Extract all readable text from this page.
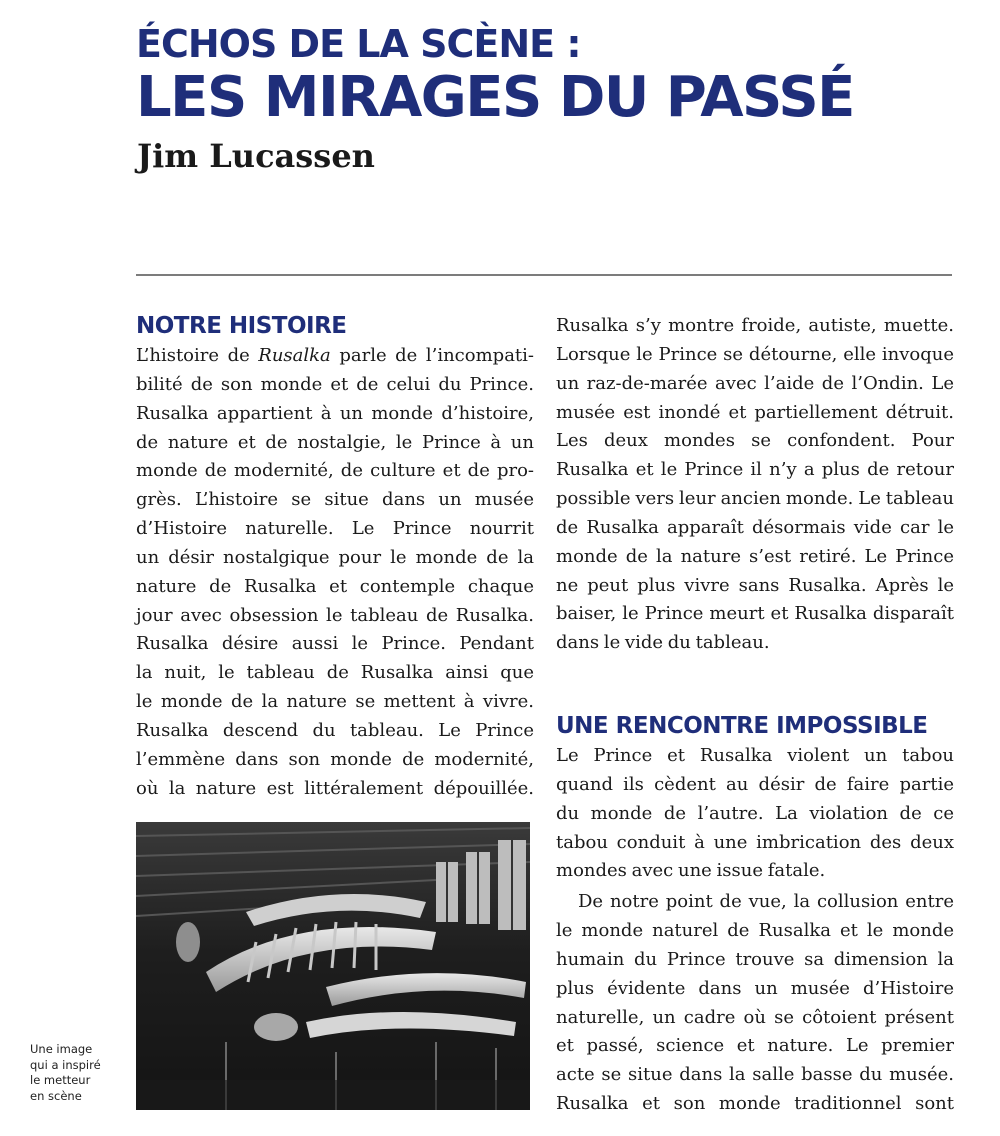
ÉCHOS DE LA SCÈNE :
LES MIRAGES DU PASSÉ
Jim Lucassen
NOTRE HISTOIRE

L’histoire de Rusalka parle de l’incompati-
bilité de son monde et de celui du Prince.
Rusalka appartient à un monde d’histoire,
de nature et de nostalgie, le Prince à un
monde de modernité, de culture et de pro-
grès. L’histoire se situe dans un musée
d’Histoire naturelle. Le Prince nourrit
un désir nostalgique pour le monde de la
nature de Rusalka et contemple chaque
jour avec obsession le tableau de Rusalka.
Rusalka désire aussi le Prince. Pendant
la nuit, le tableau de Rusalka ainsi que
le monde de la nature se mettent à vivre.
Rusalka descend du tableau. Le Prince
l’emmène dans son monde de modernité,
où la nature est littéralement dépouillée.

Une image
qui a inspiré
le metteur
en scène

Rusalka s’y montre froide, autiste, muette.
Lorsque le Prince se détourne, elle invoque
un raz-de-marée avec l’aide de l’Ondin. Le
musée est inondé et partiellement détruit.
Les deux mondes se confondent. Pour
Rusalka et le Prince il n’y a plus de retour
possible vers leur ancien monde. Le tableau
de Rusalka apparaît désormais vide car le
monde de la nature s’est retiré. Le Prince
ne peut plus vivre sans Rusalka. Après le
baiser, le Prince meurt et Rusalka disparaît
dans le vide du tableau.

UNE RENCONTRE IMPOSSIBLE

Le Prince et Rusalka violent un tabou
quand ils cèdent au désir de faire partie
du monde de l’autre. La violation de ce
tabou conduit à une imbrication des deux
mondes avec une issue fatale.

De notre point de vue, la collusion entre
le monde naturel de Rusalka et le monde
humain du Prince trouve sa dimension la
plus évidente dans un musée d’Histoire
naturelle, un cadre où se côtoient présent
et passé, science et nature. Le premier
acte se situe dans la salle basse du musée.
Rusalka et son monde traditionnel sont
